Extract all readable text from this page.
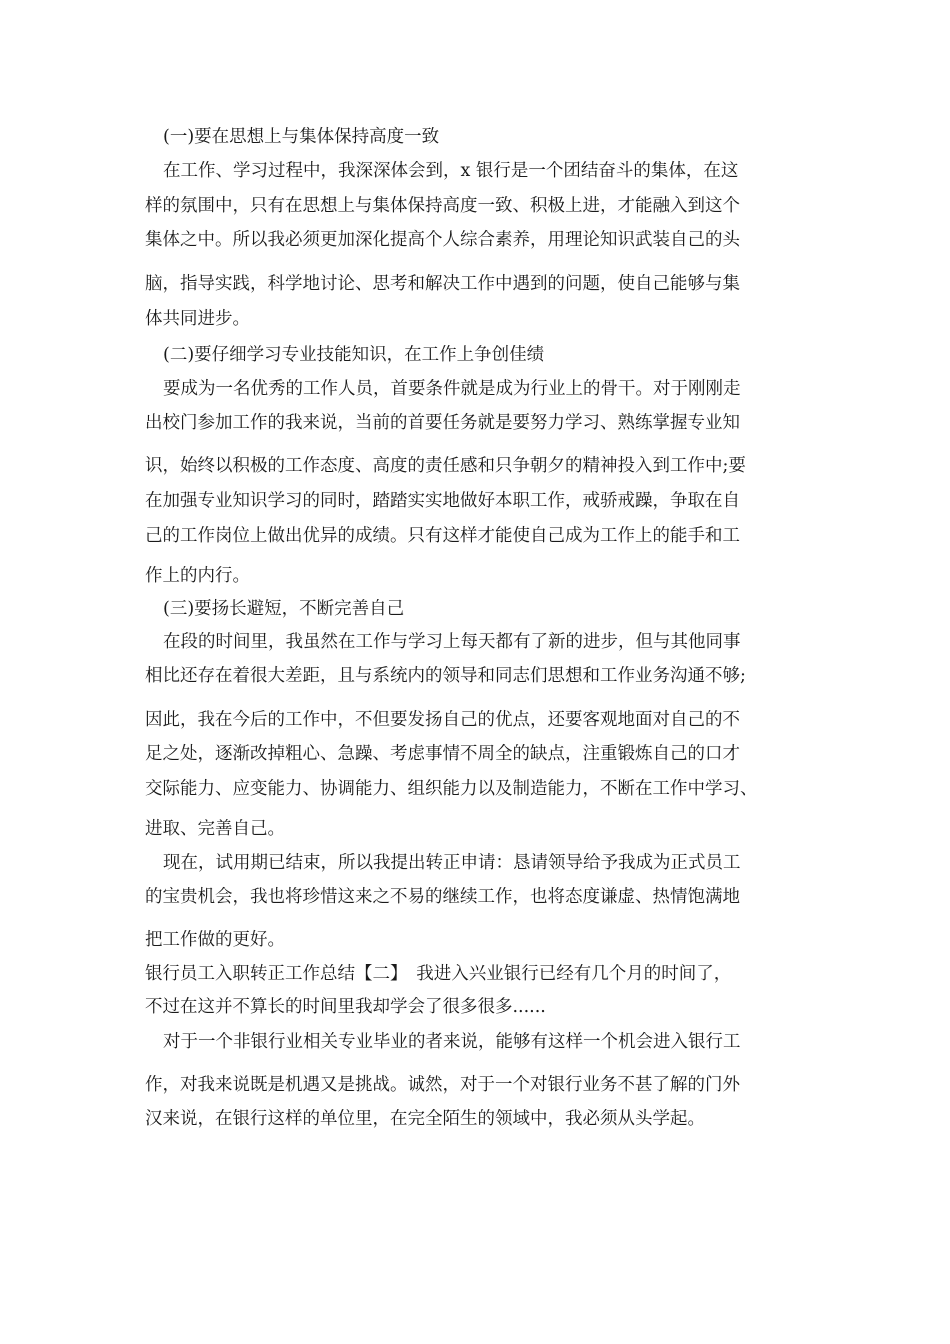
(一)要在思想上与集体保持高度一致
在工作、学习过程中，我深深体会到，x 银行是一个团结奋斗的集体，在这
样的氛围中，只有在思想上与集体保持高度一致、积极上进，才能融入到这个
集体之中。所以我必须更加深化提高个人综合素养，用理论知识武装自己的头
脑，指导实践，科学地讨论、思考和解决工作中遇到的问题，使自己能够与集
体共同进步。
(二)要仔细学习专业技能知识，在工作上争创佳绩
要成为一名优秀的工作人员，首要条件就是成为行业上的骨干。对于刚刚走
出校门参加工作的我来说，当前的首要任务就是要努力学习、熟练掌握专业知
识，始终以积极的工作态度、高度的责任感和只争朝夕的精神投入到工作中;要
在加强专业知识学习的同时，踏踏实实地做好本职工作，戒骄戒躁，争取在自
己的工作岗位上做出优异的成绩。只有这样才能使自己成为工作上的能手和工
作上的内行。
(三)要扬长避短，不断完善自己
在段的时间里，我虽然在工作与学习上每天都有了新的进步，但与其他同事
相比还存在着很大差距，且与系统内的领导和同志们思想和工作业务沟通不够;
因此，我在今后的工作中，不但要发扬自己的优点，还要客观地面对自己的不
足之处，逐渐改掉粗心、急躁、考虑事情不周全的缺点，注重锻炼自己的口才
交际能力、应变能力、协调能力、组织能力以及制造能力，不断在工作中学习、
进取、完善自己。
现在，试用期已结束，所以我提出转正申请：恳请领导给予我成为正式员工
的宝贵机会，我也将珍惜这来之不易的继续工作，也将态度谦虚、热情饱满地
把工作做的更好。
银行员工入职转正工作总结【二】　我进入兴业银行已经有几个月的时间了，
不过在这并不算长的时间里我却学会了很多很多......
对于一个非银行业相关专业毕业的者来说，能够有这样一个机会进入银行工
作，对我来说既是机遇又是挑战。诚然，对于一个对银行业务不甚了解的门外
汉来说，在银行这样的单位里，在完全陌生的领域中，我必须从头学起。
